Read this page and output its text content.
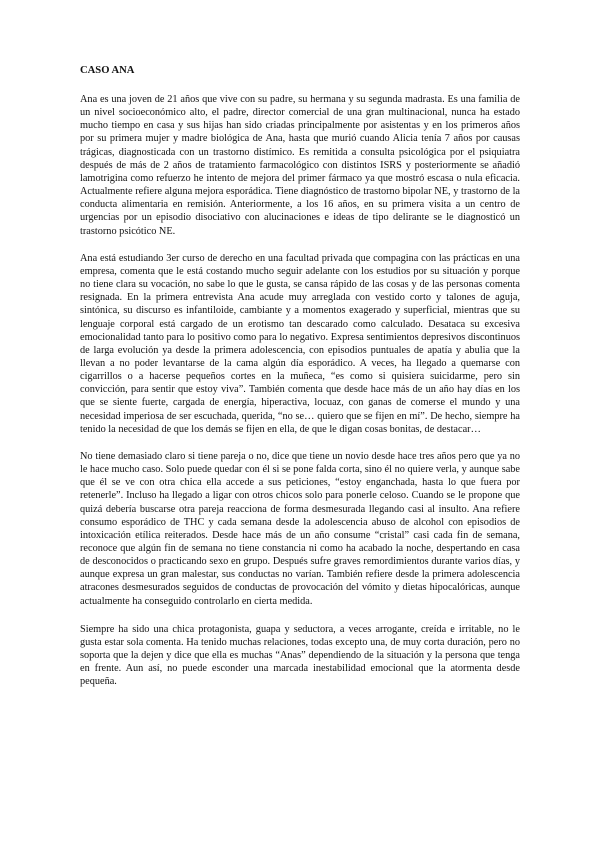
CASO ANA

Ana es una joven de 21 años que vive con su padre, su hermana y su segunda madrasta. Es una familia de un nivel socioeconómico alto, el padre, director comercial de una gran multinacional, nunca ha estado mucho tiempo en casa y sus hijas han sido criadas principalmente por asistentas y en los primeros años por su primera mujer y madre biológica de Ana, hasta que murió cuando Alicia tenía 7 años por causas trágicas, diagnosticada con un trastorno distímico. Es remitida a consulta psicológica por el psiquiatra después de más de 2 años de tratamiento farmacológico con distintos ISRS y posteriormente se añadió lamotrigina como refuerzo he intento de mejora del primer fármaco ya que mostró escasa o nula eficacia. Actualmente refiere alguna mejora esporádica. Tiene diagnóstico de trastorno bipolar NE, y trastorno de la conducta alimentaria en remisión. Anteriormente, a los 16 años, en su primera visita a un centro de urgencias por un episodio disociativo con alucinaciones e ideas de tipo delirante se le diagnosticó un trastorno psicótico NE.

Ana está estudiando 3er curso de derecho en una facultad privada que compagina con las prácticas en una empresa, comenta que le está costando mucho seguir adelante con los estudios por su situación y porque no tiene clara su vocación, no sabe lo que le gusta, se cansa rápido de las cosas y de las personas comenta resignada. En la primera entrevista Ana acude muy arreglada con vestido corto y talones de aguja, sintónica, su discurso es infantiloide, cambiante y a momentos exagerado y superficial, mientras que su lenguaje corporal está cargado de un erotismo tan descarado como calculado. Desataca su excesiva emocionalidad tanto para lo positivo como para lo negativo. Expresa sentimientos depresivos discontinuos de larga evolución ya desde la primera adolescencia, con episodios puntuales de apatía y abulia que la llevan a no poder levantarse de la cama algún día esporádico. A veces, ha llegado a quemarse con cigarrillos o a hacerse pequeños cortes en la muñeca, “es como si quisiera suicidarme, pero sin convicción, para sentir que estoy viva”. También comenta que desde hace más de un año hay días en los que se siente fuerte, cargada de energía, hiperactiva, locuaz, con ganas de comerse el mundo y una necesidad imperiosa de ser escuchada, querida, “no se… quiero que se fijen en mí”. De hecho, siempre ha tenido la necesidad de que los demás se fijen en ella, de que le digan cosas bonitas, de destacar…

No tiene demasiado claro si tiene pareja o no, dice que tiene un novio desde hace tres años pero que ya no le hace mucho caso. Solo puede quedar con él si se pone falda corta, sino él no quiere verla, y aunque sabe que él se ve con otra chica ella accede a sus peticiones, “estoy enganchada, hasta lo que fuera por retenerle”. Incluso ha llegado a ligar con otros chicos solo para ponerle celoso. Cuando se le propone que quizá debería buscarse otra pareja reacciona de forma desmesurada llegando casi al insulto. Ana refiere consumo esporádico de THC y cada semana desde la adolescencia abuso de alcohol con episodios de intoxicación etílica reiterados. Desde hace más de un año consume “cristal” casi cada fin de semana, reconoce que algún fin de semana no tiene constancia ni como ha acabado la noche, despertando en casa de desconocidos o practicando sexo en grupo. Después sufre graves remordimientos durante varios días, y aunque expresa un gran malestar, sus conductas no varían. También refiere desde la primera adolescencia atracones desmesurados seguidos de conductas de provocación del vómito y dietas hipocalóricas, aunque actualmente ha conseguido controlarlo en cierta medida.

Siempre ha sido una chica protagonista, guapa y seductora, a veces arrogante, creída e irritable, no le gusta estar sola comenta. Ha tenido muchas relaciones, todas excepto una, de muy corta duración, pero no soporta que la dejen y dice que ella es muchas “Anas” dependiendo de la situación y la persona que tenga en frente. Aun así, no puede esconder una marcada inestabilidad emocional que la atormenta desde pequeña.
